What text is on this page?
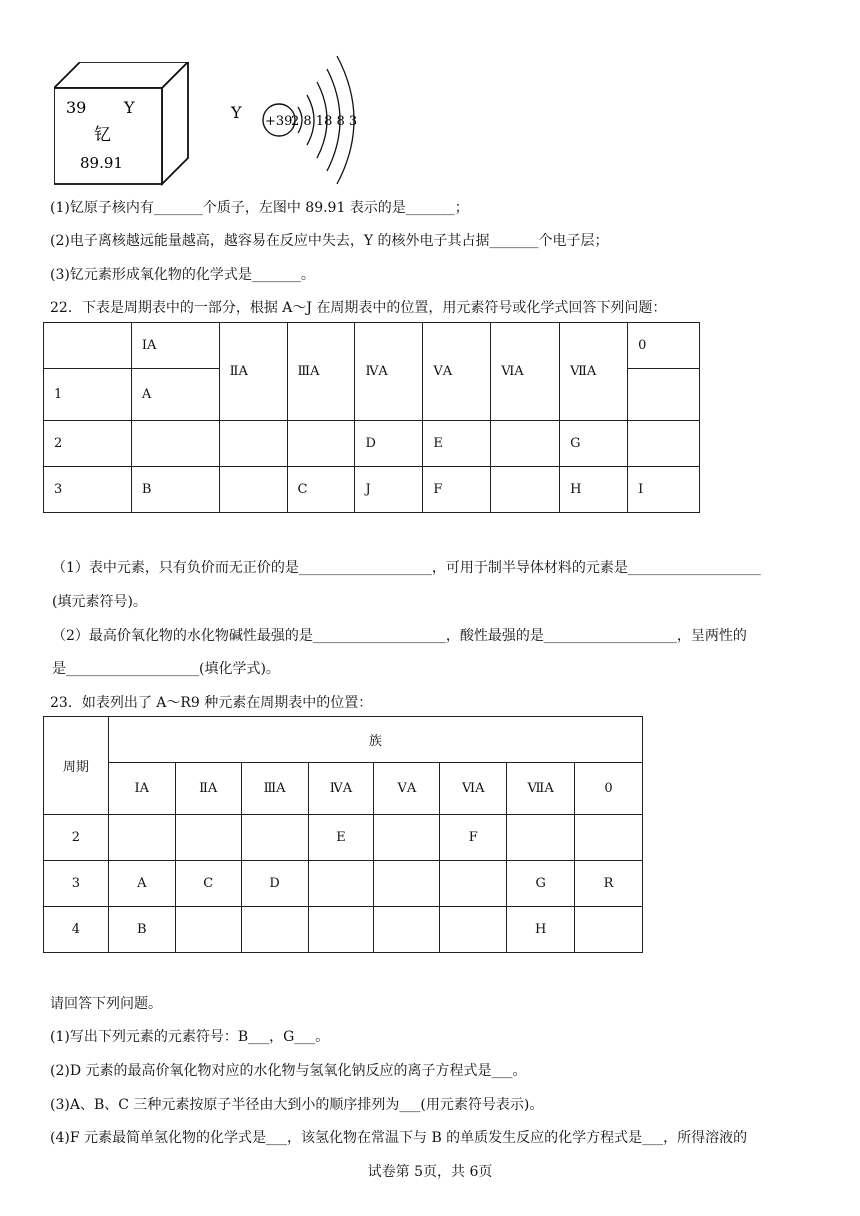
39 Y
钇
89.91
Y +39
2 8 18 8 3
(1)钇原子核内有_______个质子，左图中 89.91 表示的是_______；
(2)电子离核越远能量越高，越容易在反应中失去，Y 的核外电子其占据_______个电子层；
(3)钇元素形成氧化物的化学式是_______。
22．下表是周期表中的一部分，根据 A～J 在周期表中的位置，用元素符号或化学式回答下列问题：
	ⅠA	ⅡA	ⅢA	ⅣA	ⅤA	ⅥA	ⅦA	0
1	A							
2				D	E		G	
3	B		C	J	F		H	I
（1）表中元素，只有负价而无正价的是___________________，可用于制半导体材料的元素是___________________
(填元素符号)。
（2）最高价氧化物的水化物碱性最强的是___________________，酸性最强的是___________________，呈两性的
是___________________(填化学式)。
23．如表列出了 A～R9 种元素在周期表中的位置：
周期	族							
	ⅠA	ⅡA	ⅢA	ⅣA	ⅤA	ⅥA	ⅦA	0
2				E		F		
3	A	C	D				G	R
4	B						H	
请回答下列问题。
(1)写出下列元素的元素符号：B___，G___。
(2)D 元素的最高价氧化物对应的水化物与氢氧化钠反应的离子方程式是___。
(3)A、B、C 三种元素按原子半径由大到小的顺序排列为___(用元素符号表示)。
(4)F 元素最简单氢化物的化学式是___，该氢化物在常温下与 B 的单质发生反应的化学方程式是___，所得溶液的
试卷第 5页，共 6页
